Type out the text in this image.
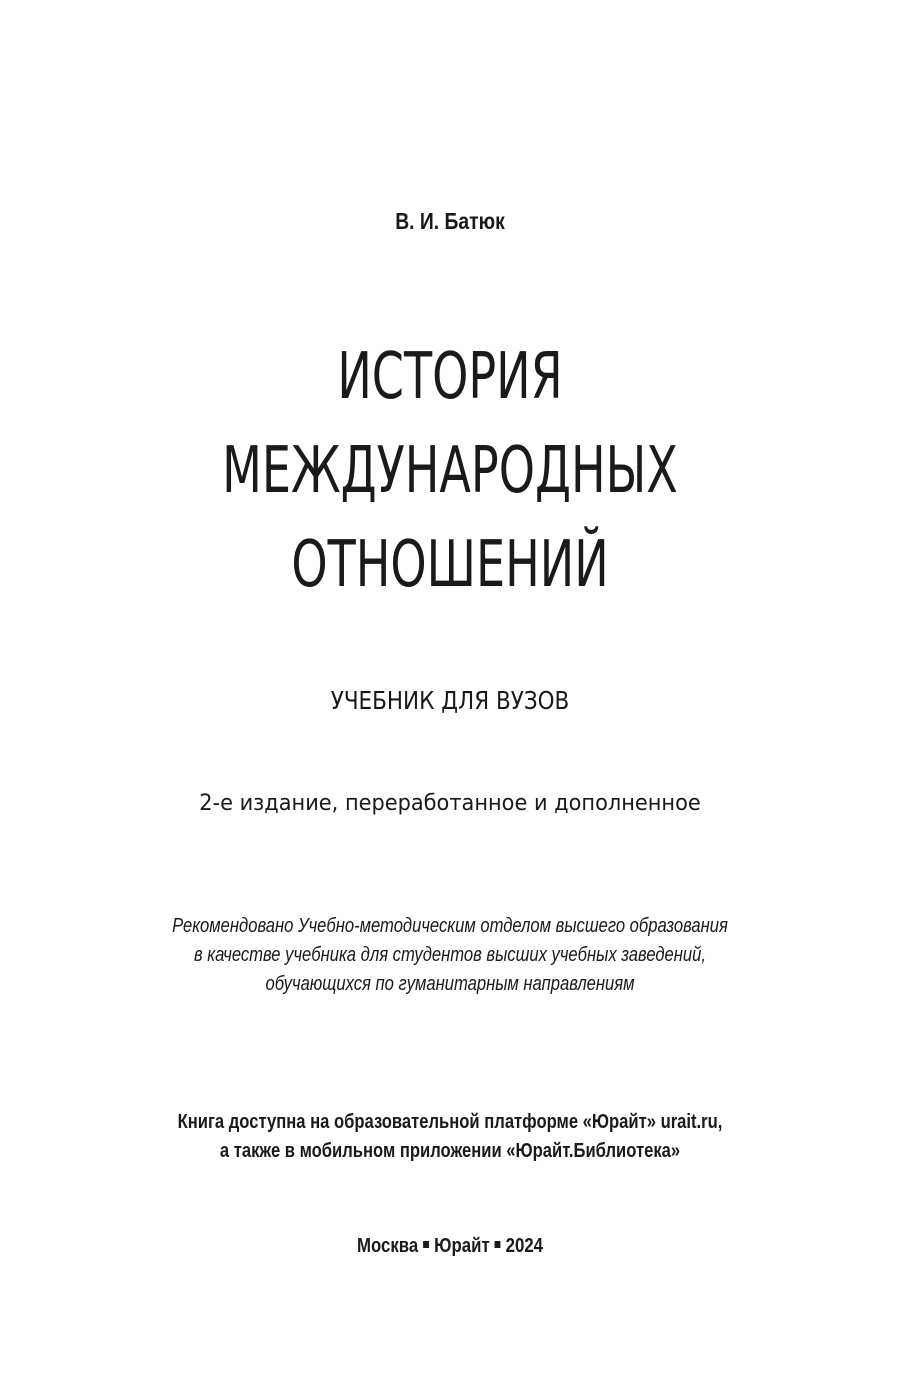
В. И. Батюк
ИСТОРИЯ
МЕЖДУНАРОДНЫХ
ОТНОШЕНИЙ
УЧЕБНИК ДЛЯ ВУЗОВ
2-е издание, переработанное и дополненное
Рекомендовано Учебно-методическим отделом высшего образования
в качестве учебника для студентов высших учебных заведений,
обучающихся по гуманитарным направлениям
Книга доступна на образовательной платформе «Юрайт» urait.ru,
а также в мобильном приложении «Юрайт.Библиотека»
Москва Юрайт 2024
